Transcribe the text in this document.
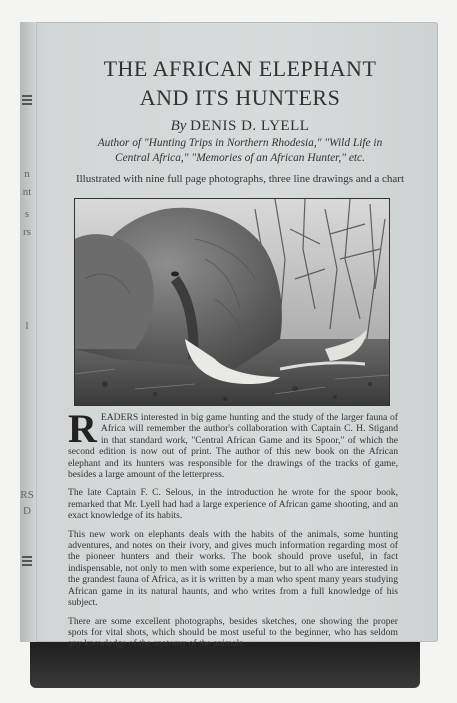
n
nt
s
rs
l
RS
D
THE AFRICAN ELEPHANT
AND ITS HUNTERS
By DENIS D. LYELL
Author of "Hunting Trips in Northern Rhodesia," "Wild Life in
Central Africa," "Memories of an African Hunter," etc.
Illustrated with nine full page photographs, three line drawings and a chart

READERS interested in big game hunting and the study of the larger fauna of Africa will remember the author's collaboration with Captain C. H. Stigand in that standard work, "Central African Game and its Spoor," of which the second edition is now out of print. The author of this new book on the African elephant and its hunters was responsible for the drawings of the tracks of game, besides a large amount of the letterpress.

The late Captain F. C. Selous, in the introduction he wrote for the spoor book, remarked that Mr. Lyell had had a large experience of African game shooting, and an exact knowledge of its habits.

This new work on elephants deals with the habits of the animals, some hunting adventures, and notes on their ivory, and gives much information regarding most of the pioneer hunters and their works. The book should prove useful, in fact indispensable, not only to men with some experience, but to all who are interested in the grandest fauna of Africa, as it is written by a man who spent many years studying African game in its natural haunts, and who writes from a full knowledge of his subject.

There are some excellent photographs, besides sketches, one showing the proper spots for vital shots, which should be most useful to the beginner, who has seldom any knowledge of the anatomy of the animals.
